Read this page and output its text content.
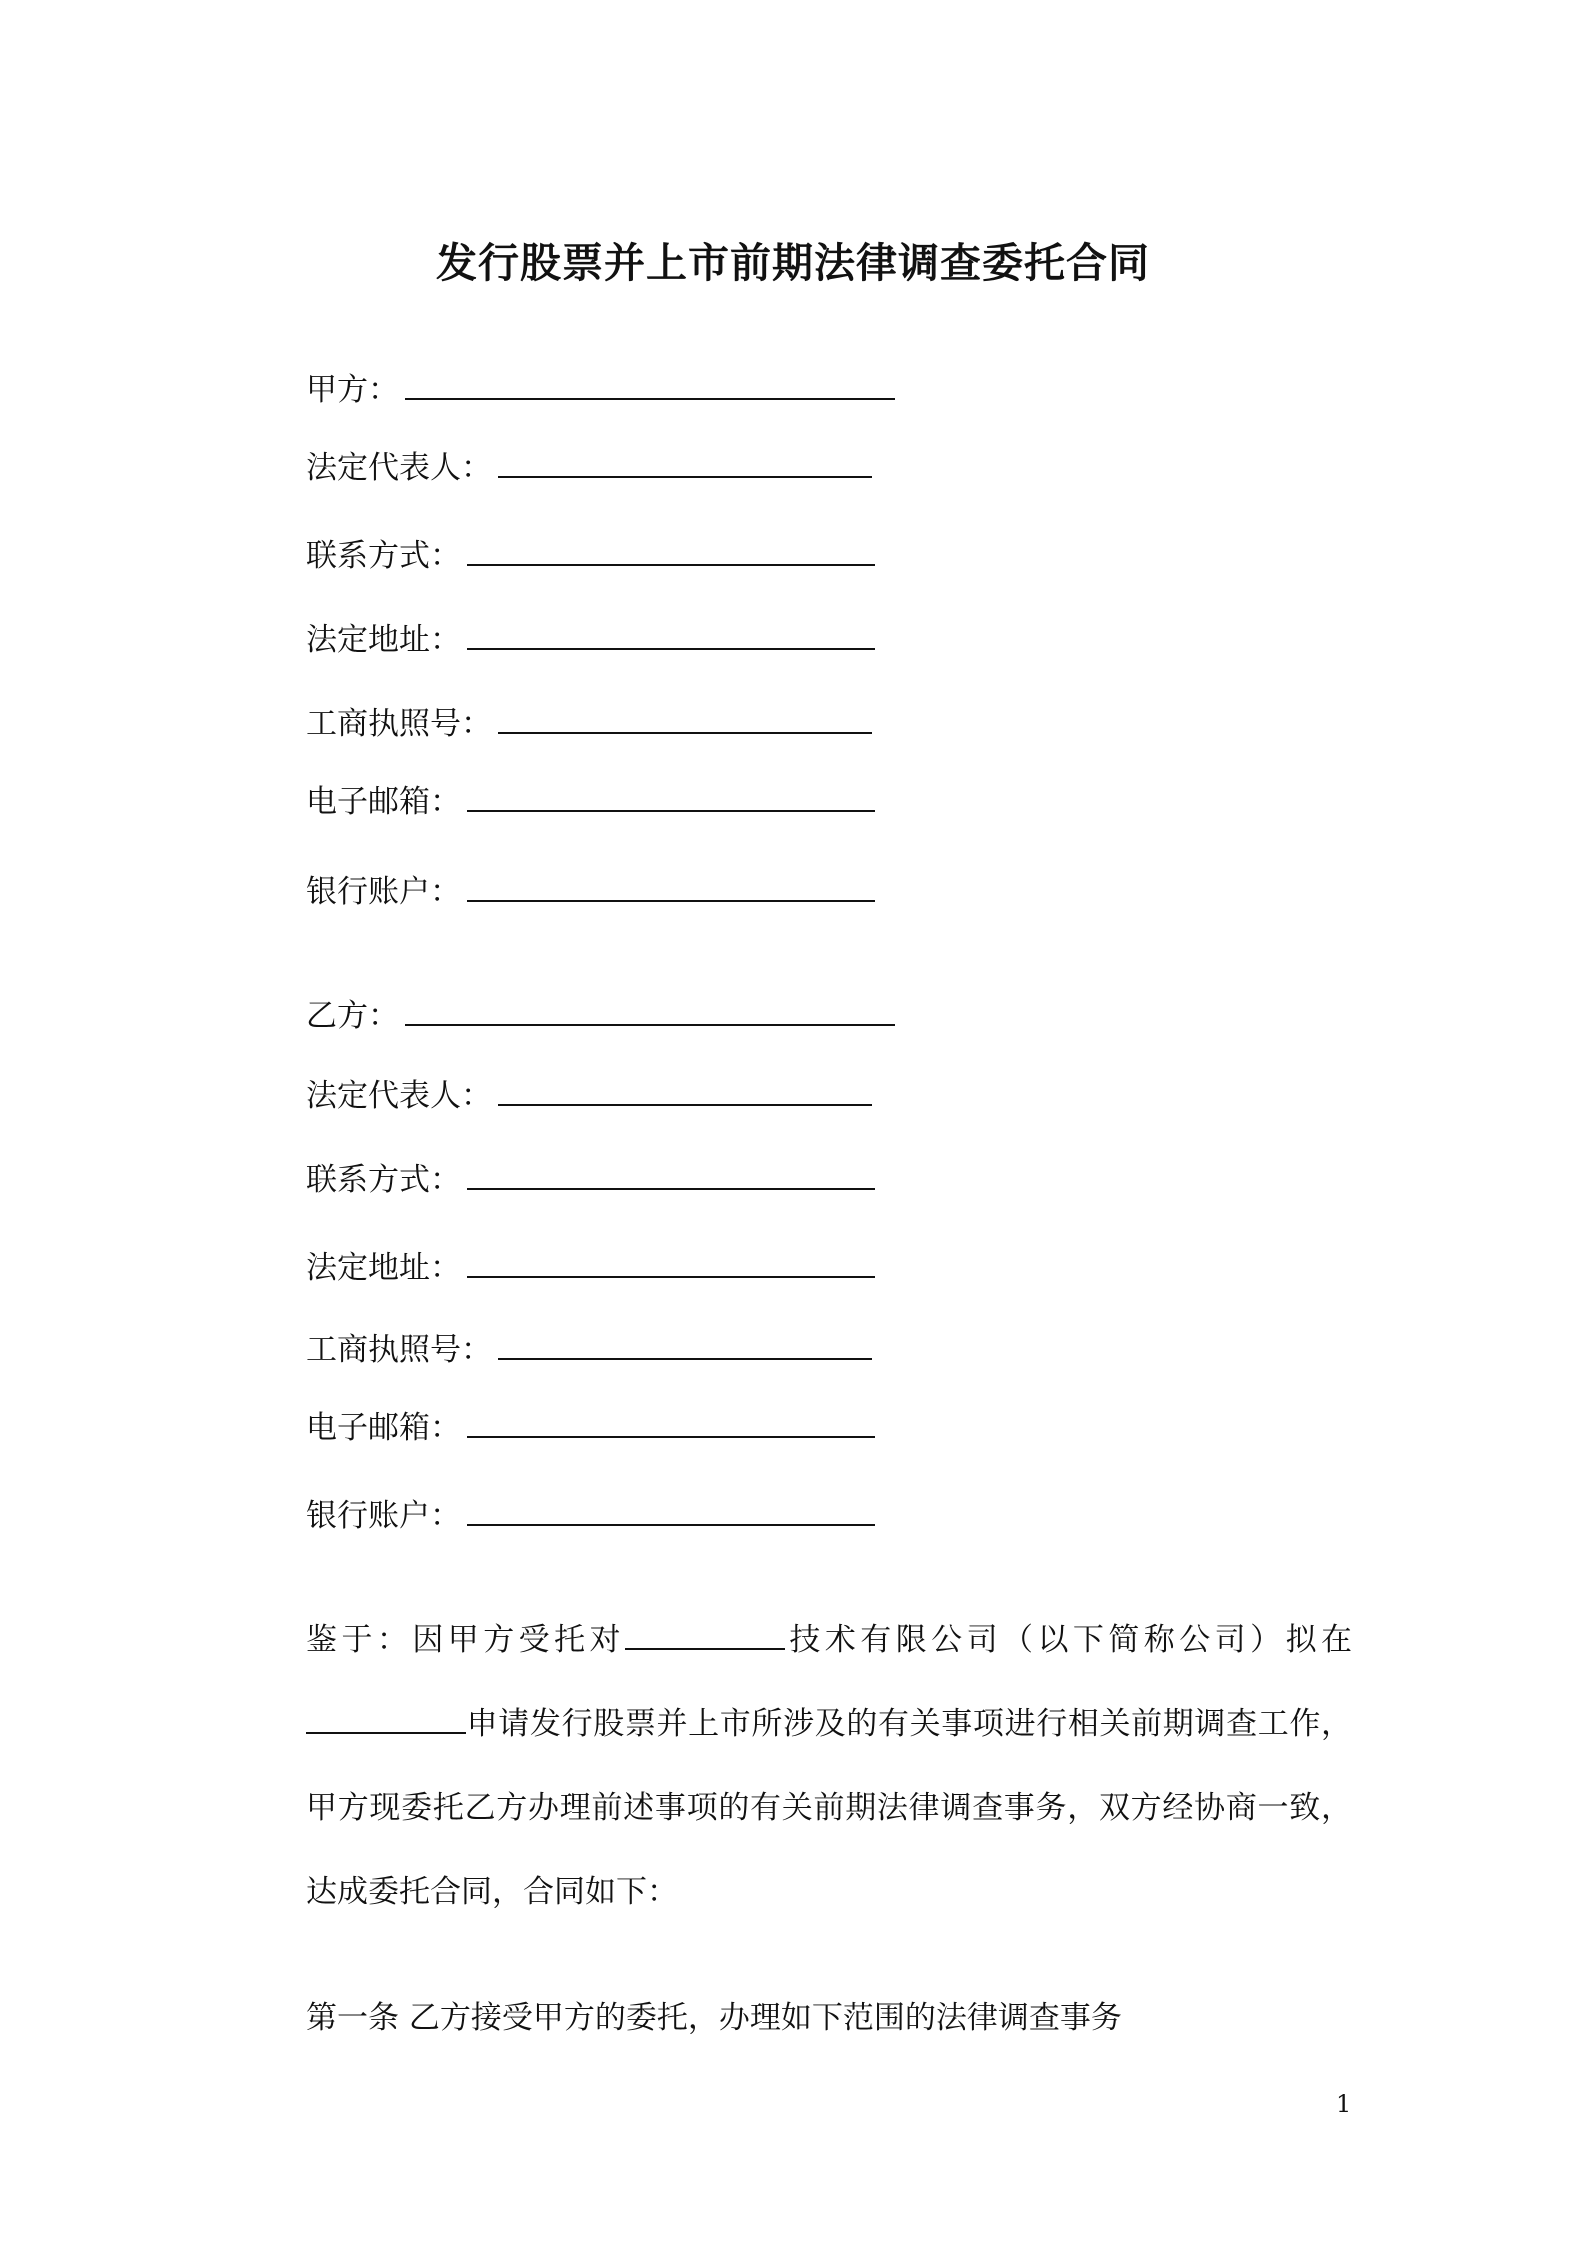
发行股票并上市前期法律调查委托合同
甲方：
法定代表人：
联系方式：
法定地址：
工商执照号：
电子邮箱：
银行账户：
乙方：
法定代表人：
联系方式：
法定地址：
工商执照号：
电子邮箱：
银行账户：

鉴于：因甲方受托对	技术有限公司（以下简称公司）拟在申请发行股票并上市所涉及的有关事项进行相关前期调查工作，甲方现委托乙方办理前述事项的有关前期法律调查事务，双方经协商一致，达成委托合同，合同如下：

第一条 乙方接受甲方的委托，办理如下范围的法律调查事务
1
